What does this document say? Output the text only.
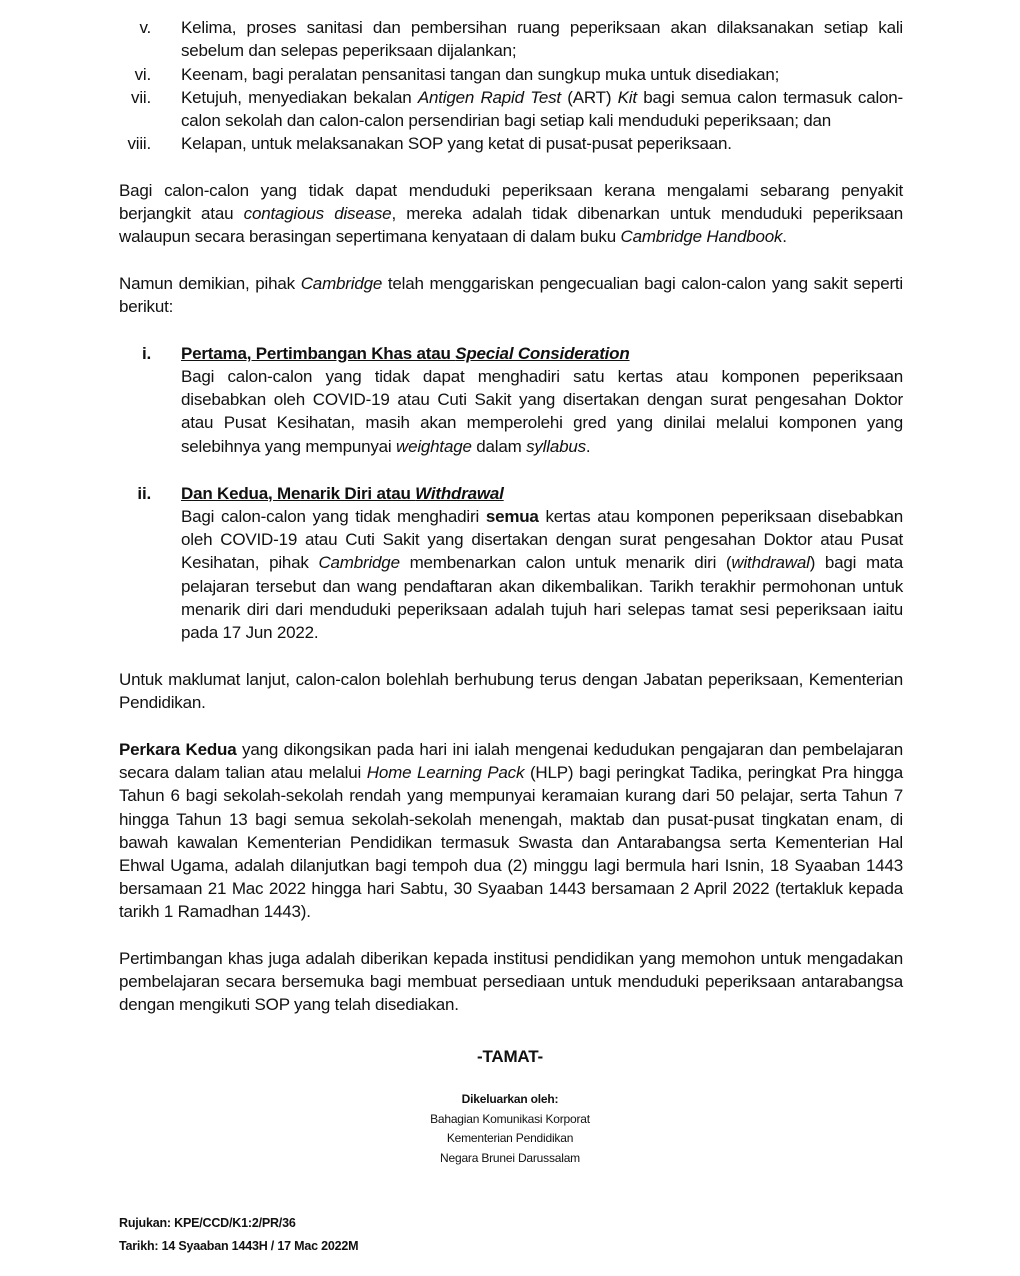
v. Kelima, proses sanitasi dan pembersihan ruang peperiksaan akan dilaksanakan setiap kali sebelum dan selepas peperiksaan dijalankan;
vi. Keenam, bagi peralatan pensanitasi tangan dan sungkup muka untuk disediakan;
vii. Ketujuh, menyediakan bekalan Antigen Rapid Test (ART) Kit bagi semua calon termasuk calon-calon sekolah dan calon-calon persendirian bagi setiap kali menduduki peperiksaan; dan
viii. Kelapan, untuk melaksanakan SOP yang ketat di pusat-pusat peperiksaan.
Bagi calon-calon yang tidak dapat menduduki peperiksaan kerana mengalami sebarang penyakit berjangkit atau contagious disease, mereka adalah tidak dibenarkan untuk menduduki peperiksaan walaupun secara berasingan sepertimana kenyataan di dalam buku Cambridge Handbook.
Namun demikian, pihak Cambridge telah menggariskan pengecualian bagi calon-calon yang sakit seperti berikut:
i. Pertama, Pertimbangan Khas atau Special Consideration
Bagi calon-calon yang tidak dapat menghadiri satu kertas atau komponen peperiksaan disebabkan oleh COVID-19 atau Cuti Sakit yang disertakan dengan surat pengesahan Doktor atau Pusat Kesihatan, masih akan memperolehi gred yang dinilai melalui komponen yang selebihnya yang mempunyai weightage dalam syllabus.
ii. Dan Kedua, Menarik Diri atau Withdrawal
Bagi calon-calon yang tidak menghadiri semua kertas atau komponen peperiksaan disebabkan oleh COVID-19 atau Cuti Sakit yang disertakan dengan surat pengesahan Doktor atau Pusat Kesihatan, pihak Cambridge membenarkan calon untuk menarik diri (withdrawal) bagi mata pelajaran tersebut dan wang pendaftaran akan dikembalikan. Tarikh terakhir permohonan untuk menarik diri dari menduduki peperiksaan adalah tujuh hari selepas tamat sesi peperiksaan iaitu pada 17 Jun 2022.
Untuk maklumat lanjut, calon-calon bolehlah berhubung terus dengan Jabatan peperiksaan, Kementerian Pendidikan.
Perkara Kedua yang dikongsikan pada hari ini ialah mengenai kedudukan pengajaran dan pembelajaran secara dalam talian atau melalui Home Learning Pack (HLP) bagi peringkat Tadika, peringkat Pra hingga Tahun 6 bagi sekolah-sekolah rendah yang mempunyai keramaian kurang dari 50 pelajar, serta Tahun 7 hingga Tahun 13 bagi semua sekolah-sekolah menengah, maktab dan pusat-pusat tingkatan enam, di bawah kawalan Kementerian Pendidikan termasuk Swasta dan Antarabangsa serta Kementerian Hal Ehwal Ugama, adalah dilanjutkan bagi tempoh dua (2) minggu lagi bermula hari Isnin, 18 Syaaban 1443 bersamaan 21 Mac 2022 hingga hari Sabtu, 30 Syaaban 1443 bersamaan 2 April 2022 (tertakluk kepada tarikh 1 Ramadhan 1443).
Pertimbangan khas juga adalah diberikan kepada institusi pendidikan yang memohon untuk mengadakan pembelajaran secara bersemuka bagi membuat persediaan untuk menduduki peperiksaan antarabangsa dengan mengikuti SOP yang telah disediakan.
-TAMAT-
Dikeluarkan oleh:
Bahagian Komunikasi Korporat
Kementerian Pendidikan
Negara Brunei Darussalam
Rujukan: KPE/CCD/K1:2/PR/36
Tarikh: 14 Syaaban 1443H / 17 Mac 2022M
